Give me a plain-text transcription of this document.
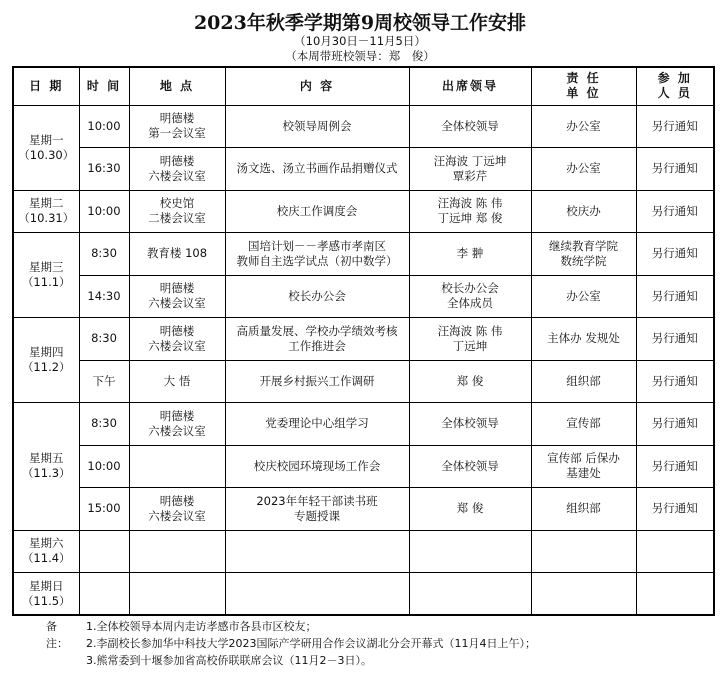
2023年秋季学期第9周校领导工作安排
（10月30日－11月5日）
（本周带班校领导：郑　俊）
日 期	时 间	地 点	内 容	出席领导	责 任
单 位	参 加
人 员
星期一
（10.30）	10:00	明德楼
第一会议室	校领导周例会	全体校领导	办公室	另行通知
	16:30	明德楼
六楼会议室	汤文选、汤立书画作品捐赠仪式	汪海波 丁远坤
覃彩芹	办公室	另行通知
星期二
（10.31）	10:00	校史馆
二楼会议室	校庆工作调度会	汪海波 陈 伟
丁远坤 郑 俊	校庆办	另行通知
星期三
（11.1）	8:30	教育楼 108	国培计划－－孝感市孝南区
教师自主选学试点（初中数学）	李 翀	继续教育学院
数统学院	另行通知
	14:30	明德楼
六楼会议室	校长办公会	校长办公会
全体成员	办公室	另行通知
星期四
（11.2）	8:30	明德楼
六楼会议室	高质量发展、学校办学绩效考核
工作推进会	汪海波 陈 伟
丁远坤	主体办 发规处	另行通知
	下午	大 悟	开展乡村振兴工作调研	郑 俊	组织部	另行通知
星期五
（11.3）	8:30	明德楼
六楼会议室	党委理论中心组学习	全体校领导	宣传部	另行通知
	10:00		校庆校园环境现场工作会	全体校领导	宣传部 后保办
基建处	另行通知
	15:00	明德楼
六楼会议室	2023年年轻干部读书班
专题授课	郑 俊	组织部	另行通知
星期六
（11.4）						
星期日
（11.5）						
备注：
1.全体校领导本周内走访孝感市各县市区校友；
2.李副校长参加华中科技大学2023国际产学研用合作会议湖北分会开幕式（11月4日上午）；
3.熊常委到十堰参加省高校侨联联席会议（11月2－3日）。
